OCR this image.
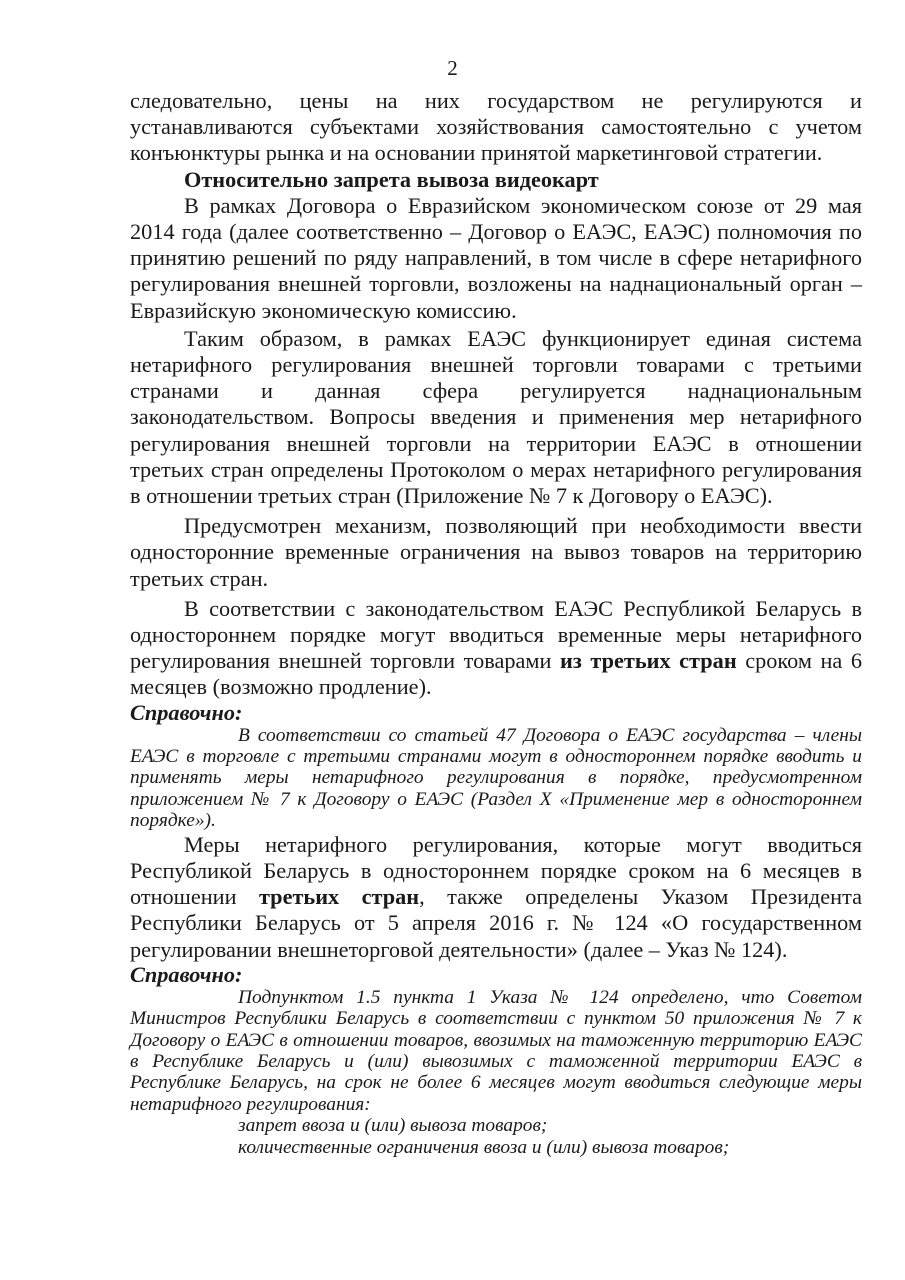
2

следовательно, цены на них государством не регулируются и устанавливаются субъектами хозяйствования самостоятельно с учетом конъюнктуры рынка и на основании принятой маркетинговой стратегии.

Относительно запрета вывоза видеокарт

В рамках Договора о Евразийском экономическом союзе от 29 мая 2014 года (далее соответственно – Договор о ЕАЭС, ЕАЭС) полномочия по принятию решений по ряду направлений, в том числе в сфере нетарифного регулирования внешней торговли, возложены на наднациональный орган – Евразийскую экономическую комиссию.

Таким образом, в рамках ЕАЭС функционирует единая система нетарифного регулирования внешней торговли товарами с третьими странами и данная сфера регулируется наднациональным законодательством. Вопросы введения и применения мер нетарифного регулирования внешней торговли на территории ЕАЭС в отношении третьих стран определены Протоколом о мерах нетарифного регулирования в отношении третьих стран (Приложение № 7 к Договору о ЕАЭС).

Предусмотрен механизм, позволяющий при необходимости ввести односторонние временные ограничения на вывоз товаров на территорию третьих стран.

В соответствии с законодательством ЕАЭС Республикой Беларусь в одностороннем порядке могут вводиться временные меры нетарифного регулирования внешней торговли товарами из третьих стран сроком на 6 месяцев (возможно продление).

Справочно:

В соответствии со статьей 47 Договора о ЕАЭС государства – члены ЕАЭС в торговле с третьими странами могут в одностороннем порядке вводить и применять меры нетарифного регулирования в порядке, предусмотренном приложением № 7 к Договору о ЕАЭС (Раздел X «Применение мер в одностороннем порядке»).

Меры нетарифного регулирования, которые могут вводиться Республикой Беларусь в одностороннем порядке сроком на 6 месяцев в отношении третьих стран, также определены Указом Президента Республики Беларусь от 5 апреля 2016 г. № 124 «О государственном регулировании внешнеторговой деятельности» (далее – Указ № 124).

Справочно:

Подпунктом 1.5 пункта 1 Указа № 124 определено, что Советом Министров Республики Беларусь в соответствии с пунктом 50 приложения № 7 к Договору о ЕАЭС в отношении товаров, ввозимых на таможенную территорию ЕАЭС в Республике Беларусь и (или) вывозимых с таможенной территории ЕАЭС в Республике Беларусь, на срок не более 6 месяцев могут вводиться следующие меры нетарифного регулирования:

запрет ввоза и (или) вывоза товаров;

количественные ограничения ввоза и (или) вывоза товаров;
